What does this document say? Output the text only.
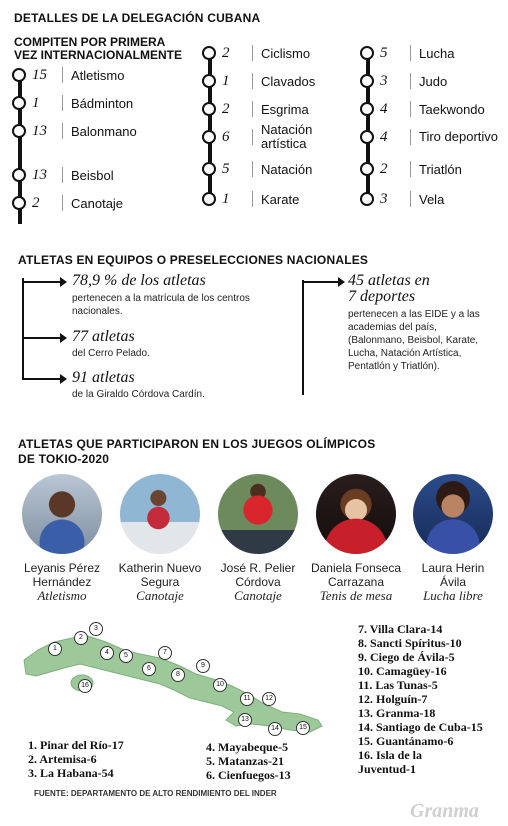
DETALLES DE LA DELEGACIÓN CUBANA
COMPITEN POR PRIMERA
VEZ INTERNACIONALMENTE
15	Atletismo
1	Bádminton
13	Balonmano
13	Beisbol
2	Canotaje
2	Ciclismo
1	Clavados
2	Esgrima
6	Natación artística
5	Natación
1	Karate
5	Lucha
3	Judo
4	Taekwondo
4	Tiro deportivo
2	Triatlón
3	Vela
ATLETAS EN EQUIPOS O PRESELECCIONES NACIONALES
78,9 % de los atletas
pertenecen a la matrícula de los centros nacionales.
77 atletas
del Cerro Pelado.
91 atletas
de la Giraldo Córdova Cardín.
45 atletas en
7 deportes
pertenecen a las EIDE y a las academias del país, (Balonmano, Beisbol, Karate, Lucha, Natación Artística, Pentatlón y Triatlón).
ATLETAS QUE PARTICIPARON EN LOS JUEGOS OLÍMPICOS
DE TOKIO-2020
Leyanis Pérez
Hernández
Atletismo
Katherin Nuevo
Segura
Canotaje
José R. Pelier
Córdova
Canotaje
Daniela Fonseca
Carrazana
Tenis de mesa
Laura Herin
Ávila
Lucha libre
1
2
3
4	5
6
7
8
9
10
11	12
13
14	15
16
7. Villa Clara-14
8. Sancti Spíritus-10
9. Ciego de Ávila-5
10. Camagüey-16
11. Las Tunas-5
12. Holguín-7
13. Granma-18
14. Santiago de Cuba-15
15. Guantánamo-6
16. Isla de la
Juventud-1
1. Pinar del Río-17
2. Artemisa-6
3. La Habana-54
4. Mayabeque-5
5. Matanzas-21
6. Cienfuegos-13
FUENTE: DEPARTAMENTO DE ALTO RENDIMIENTO DEL INDER
Granma
